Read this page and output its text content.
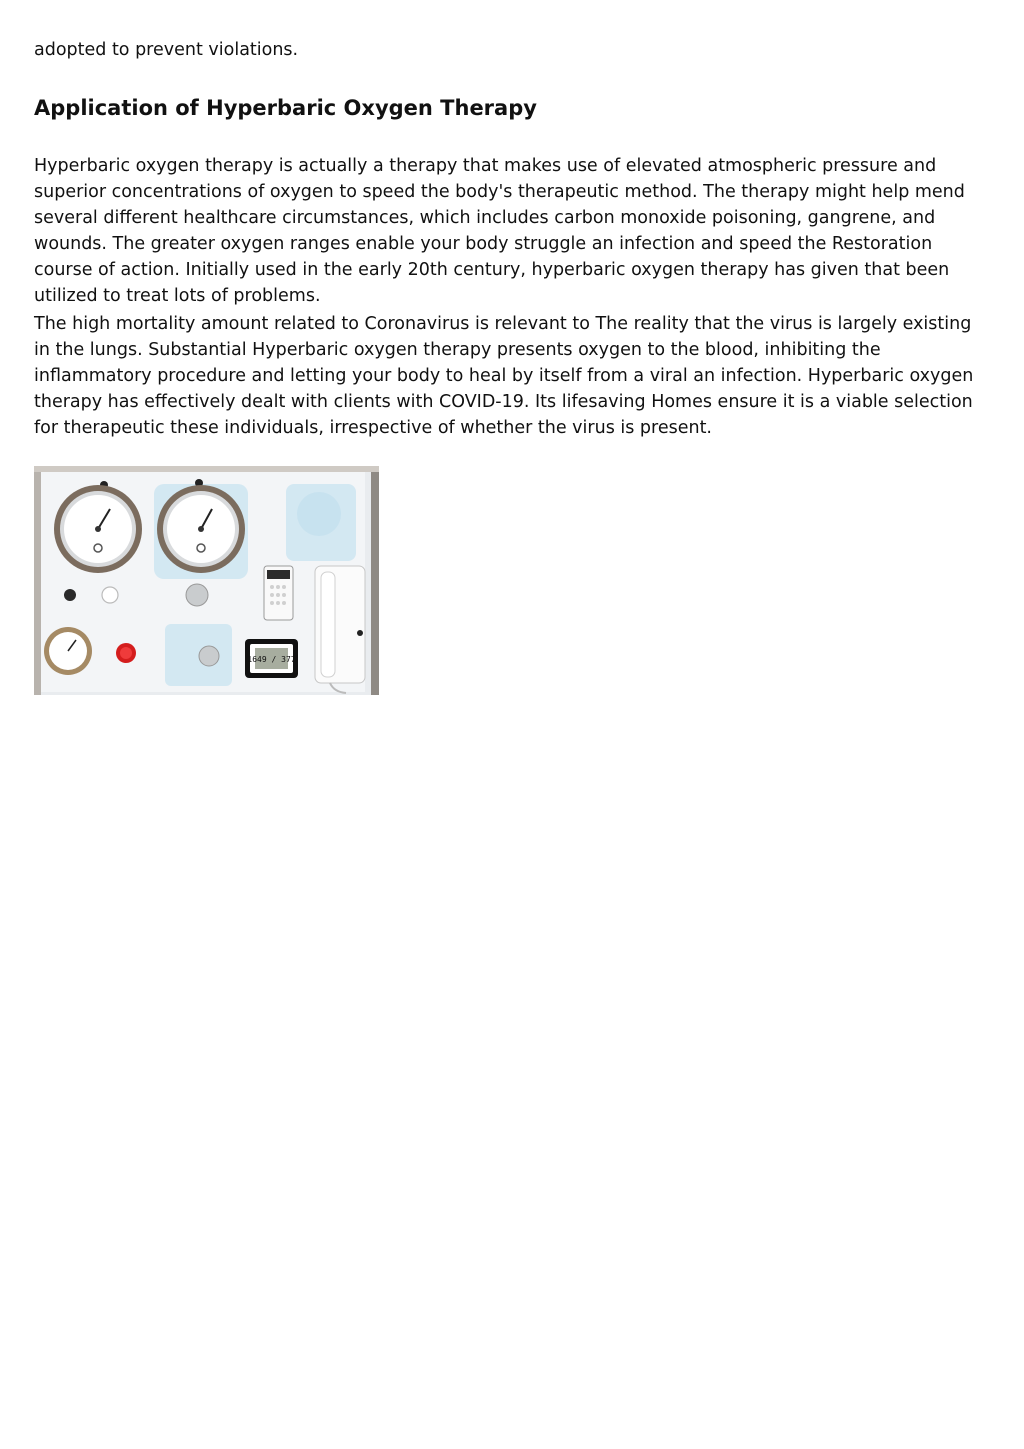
adopted to prevent violations.

Application of Hyperbaric Oxygen Therapy

Hyperbaric oxygen therapy is actually a therapy that makes use of elevated atmospheric pressure and superior concentrations of oxygen to speed the body's therapeutic method. The therapy might help mend several different healthcare circumstances, which includes carbon monoxide poisoning, gangrene, and wounds. The greater oxygen ranges enable your body struggle an infection and speed the Restoration course of action. Initially used in the early 20th century, hyperbaric oxygen therapy has given that been utilized to treat lots of problems.

The high mortality amount related to Coronavirus is relevant to The reality that the virus is largely existing in the lungs. Substantial Hyperbaric oxygen therapy presents oxygen to the blood, inhibiting the inflammatory procedure and letting your body to heal by itself from a viral an infection. Hyperbaric oxygen therapy has effectively dealt with clients with COVID-19. Its lifesaving Homes ensure it is a viable selection for therapeutic these individuals, irrespective of whether the virus is present.

1649 / 377
